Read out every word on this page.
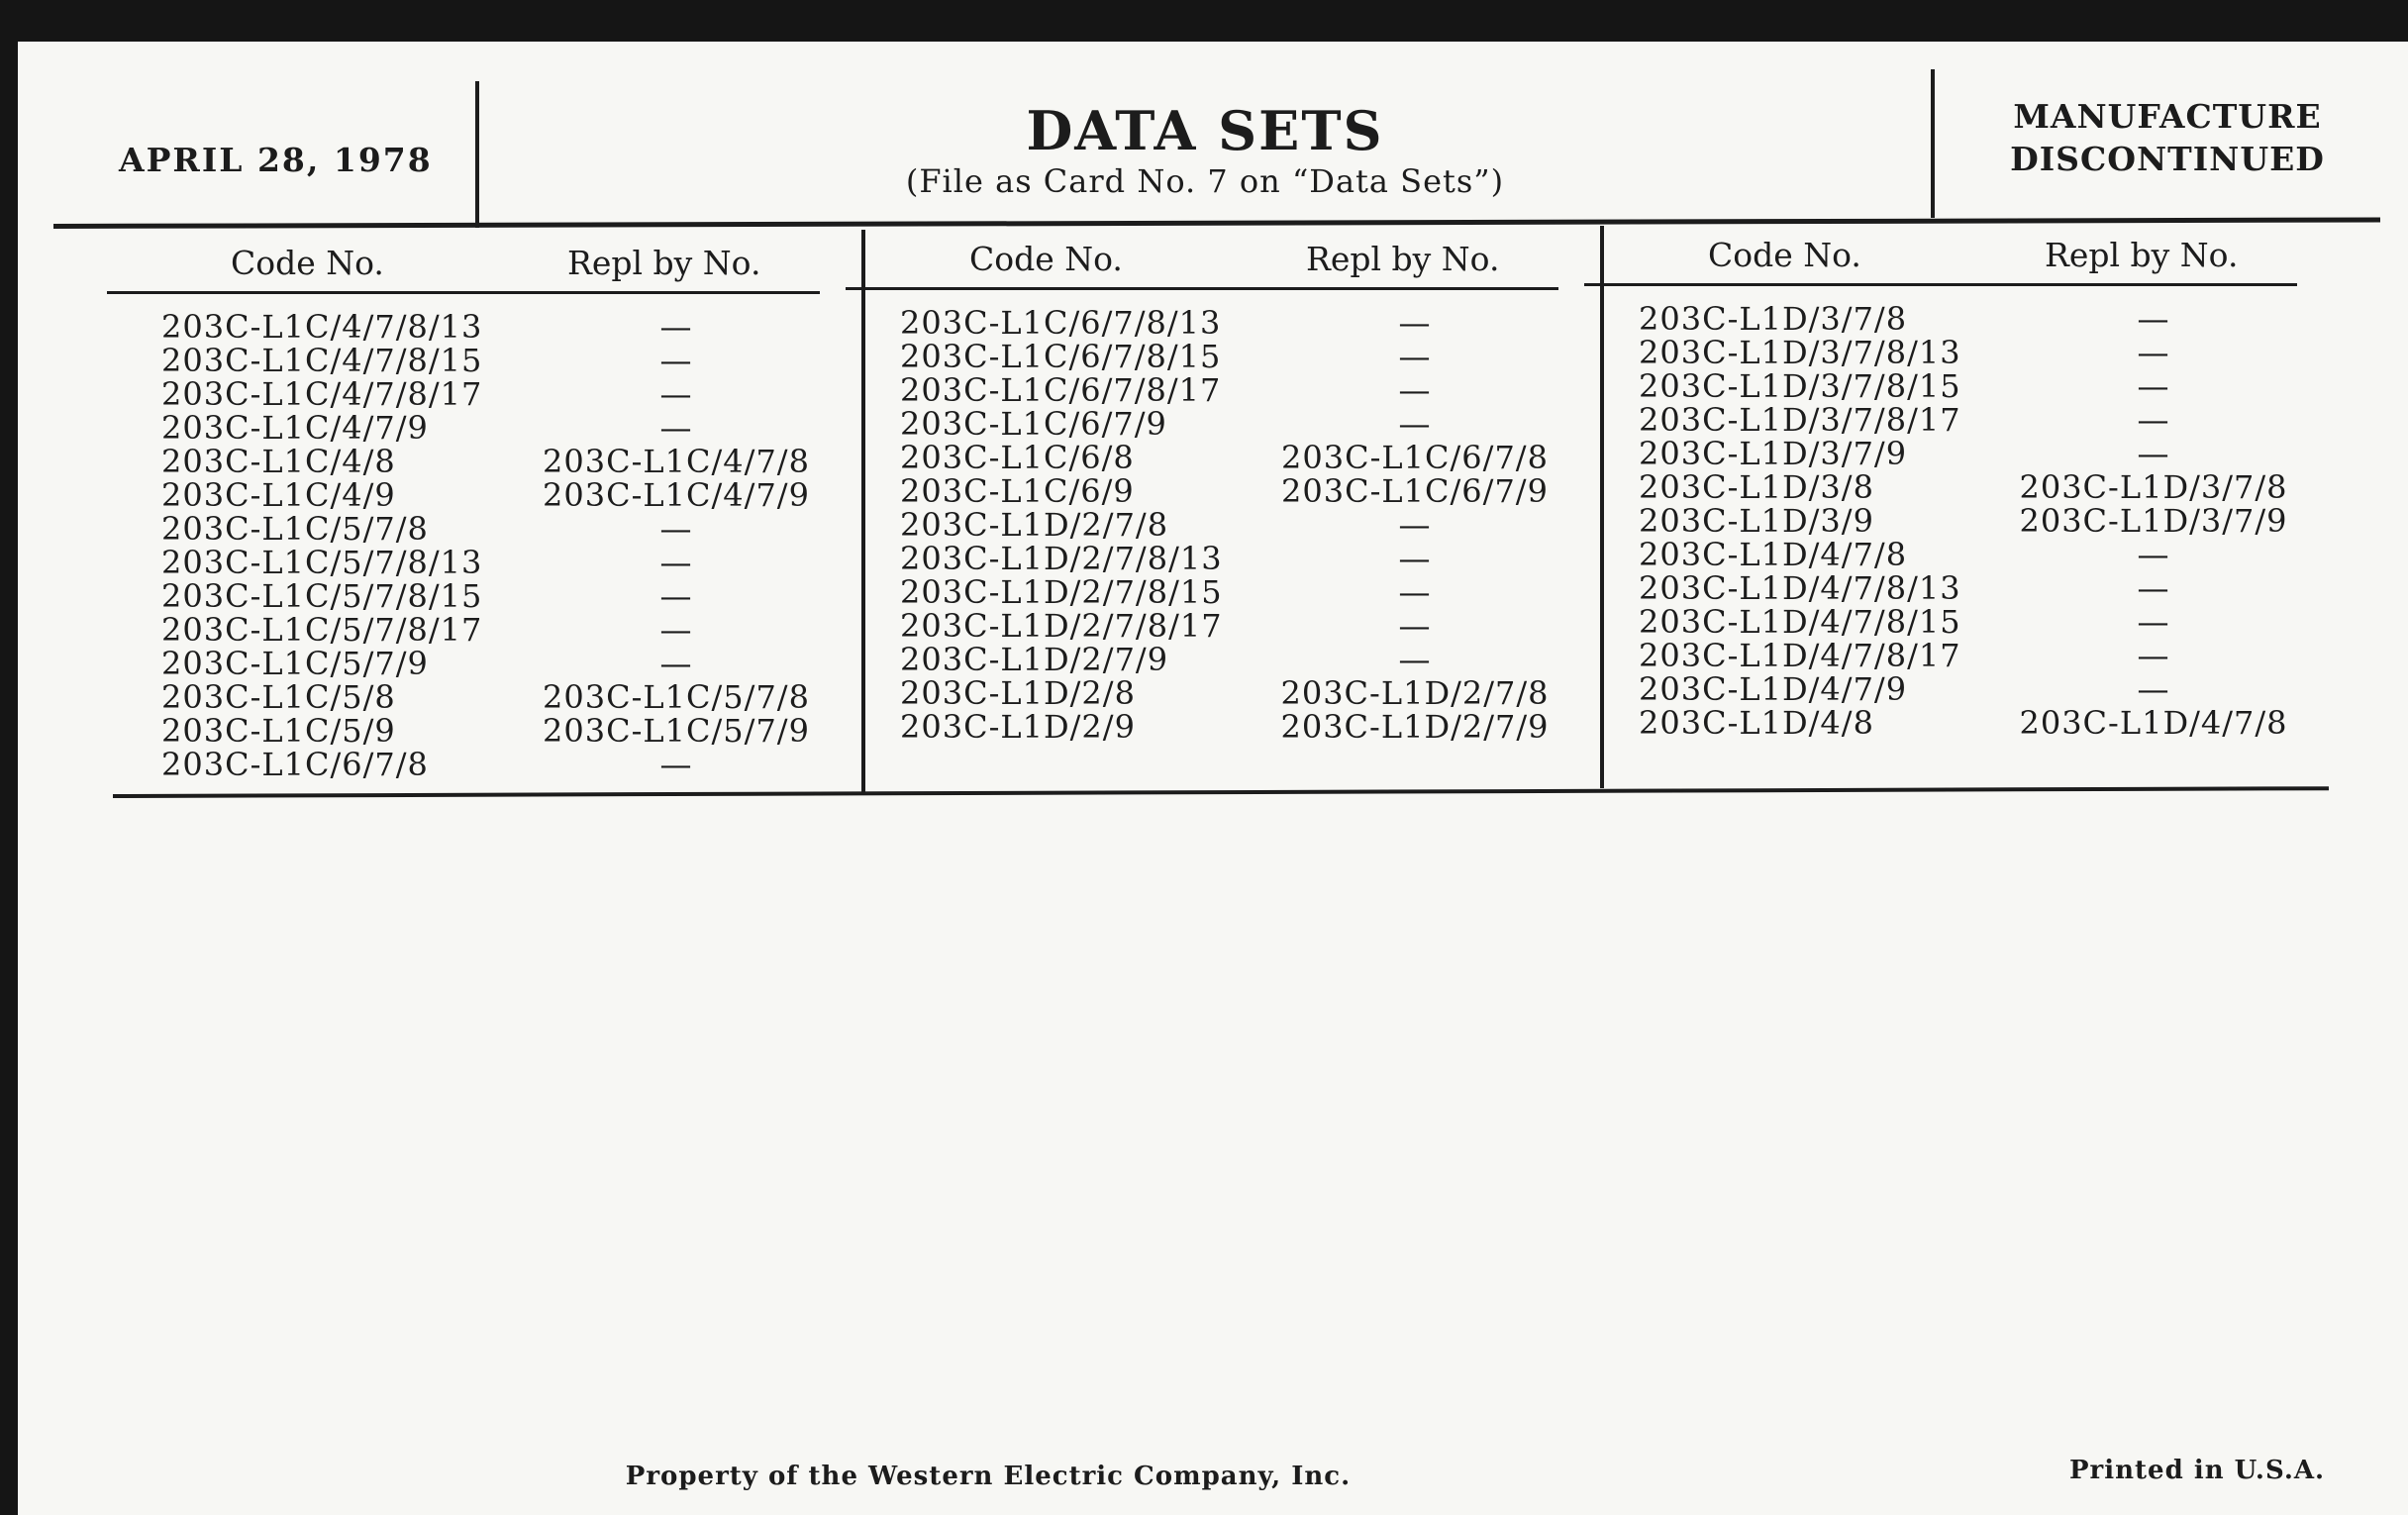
APRIL 28, 1978	DATA SETS
(File as Card No. 7 on “Data Sets”)
MANUFACTURE
DISCONTINUED
Code No.	Repl by No.
203C-L1C/4/7/8/13	—
203C-L1C/4/7/8/15	—
203C-L1C/4/7/8/17	—
203C-L1C/4/7/9	—
203C-L1C/4/8	203C-L1C/4/7/8
203C-L1C/4/9	203C-L1C/4/7/9
203C-L1C/5/7/8	—
203C-L1C/5/7/8/13	—
203C-L1C/5/7/8/15	—
203C-L1C/5/7/8/17	—
203C-L1C/5/7/9	—
203C-L1C/5/8	203C-L1C/5/7/8
203C-L1C/5/9	203C-L1C/5/7/9
203C-L1C/6/7/8	—
Code No.	Repl by No.
203C-L1C/6/7/8/13	—
203C-L1C/6/7/8/15	—
203C-L1C/6/7/8/17	—
203C-L1C/6/7/9	—
203C-L1C/6/8	203C-L1C/6/7/8
203C-L1C/6/9	203C-L1C/6/7/9
203C-L1D/2/7/8	—
203C-L1D/2/7/8/13	—
203C-L1D/2/7/8/15	—
203C-L1D/2/7/8/17	—
203C-L1D/2/7/9	—
203C-L1D/2/8	203C-L1D/2/7/8
203C-L1D/2/9	203C-L1D/2/7/9
Code No.	Repl by No.
203C-L1D/3/7/8	—
203C-L1D/3/7/8/13	—
203C-L1D/3/7/8/15	—
203C-L1D/3/7/8/17	—
203C-L1D/3/7/9	—
203C-L1D/3/8	203C-L1D/3/7/8
203C-L1D/3/9	203C-L1D/3/7/9
203C-L1D/4/7/8	—
203C-L1D/4/7/8/13	—
203C-L1D/4/7/8/15	—
203C-L1D/4/7/8/17	—
203C-L1D/4/7/9	—
203C-L1D/4/8	203C-L1D/4/7/8
Property of the Western Electric Company, Inc.	Printed in U.S.A.
